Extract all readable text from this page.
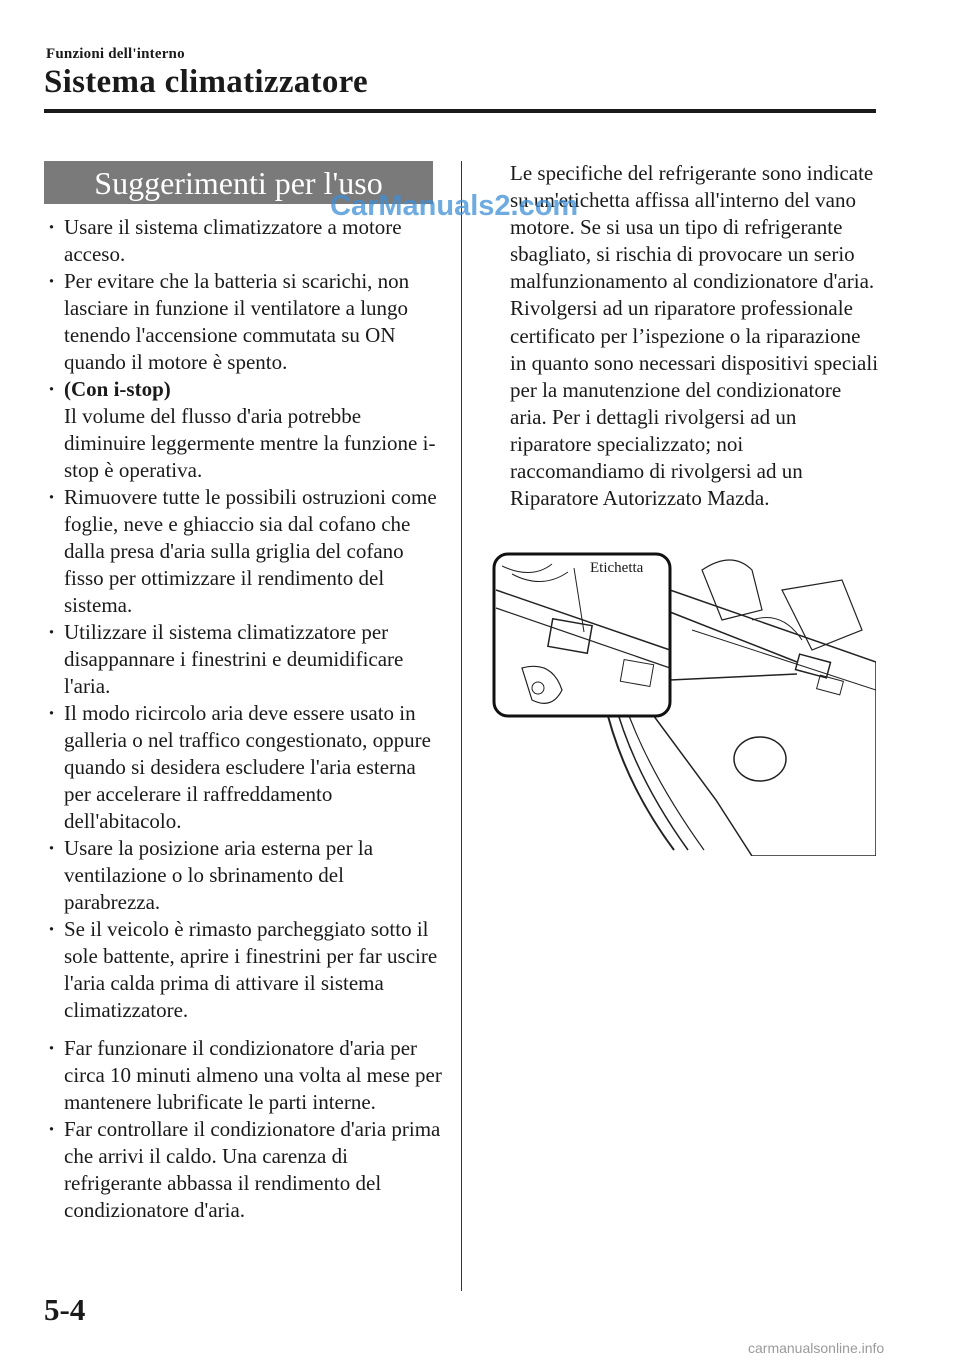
Funzioni dell'interno
Sistema climatizzatore
Suggerimenti per l'uso
· Usare il sistema climatizzatore a motore acceso.
· Per evitare che la batteria si scarichi, non lasciare in funzione il ventilatore a lungo tenendo l'accensione commutata su ON quando il motore è spento.
· (Con i-stop)
Il volume del flusso d'aria potrebbe diminuire leggermente mentre la funzione i-stop è operativa.
· Rimuovere tutte le possibili ostruzioni come foglie, neve e ghiaccio sia dal cofano che dalla presa d'aria sulla griglia del cofano fisso per ottimizzare il rendimento del sistema.
· Utilizzare il sistema climatizzatore per disappannare i finestrini e deumidificare l'aria.
· Il modo ricircolo aria deve essere usato in galleria o nel traffico congestionato, oppure quando si desidera escludere l'aria esterna per accelerare il raffreddamento dell'abitacolo.
· Usare la posizione aria esterna per la ventilazione o lo sbrinamento del parabrezza.
· Se il veicolo è rimasto parcheggiato sotto il sole battente, aprire i finestrini per far uscire l'aria calda prima di attivare il sistema climatizzatore.
· Far funzionare il condizionatore d'aria per circa 10 minuti almeno una volta al mese per mantenere lubrificate le parti interne.
· Far controllare il condizionatore d'aria prima che arrivi il caldo. Una carenza di refrigerante abbassa il rendimento del condizionatore d'aria.

Le specifiche del refrigerante sono indicate su un'etichetta affissa all'interno del vano motore. Se si usa un tipo di refrigerante sbagliato, si rischia di provocare un serio malfunzionamento al condizionatore d'aria. Rivolgersi ad un riparatore professionale certificato per l’ispezione o la riparazione in quanto sono necessari dispositivi speciali per la manutenzione del condizionatore aria. Per i dettagli rivolgersi ad un riparatore specializzato; noi raccomandiamo di rivolgersi ad un Riparatore Autorizzato Mazda.

Etichetta
CarManuals2.com
5-4
carmanualsonline.info
